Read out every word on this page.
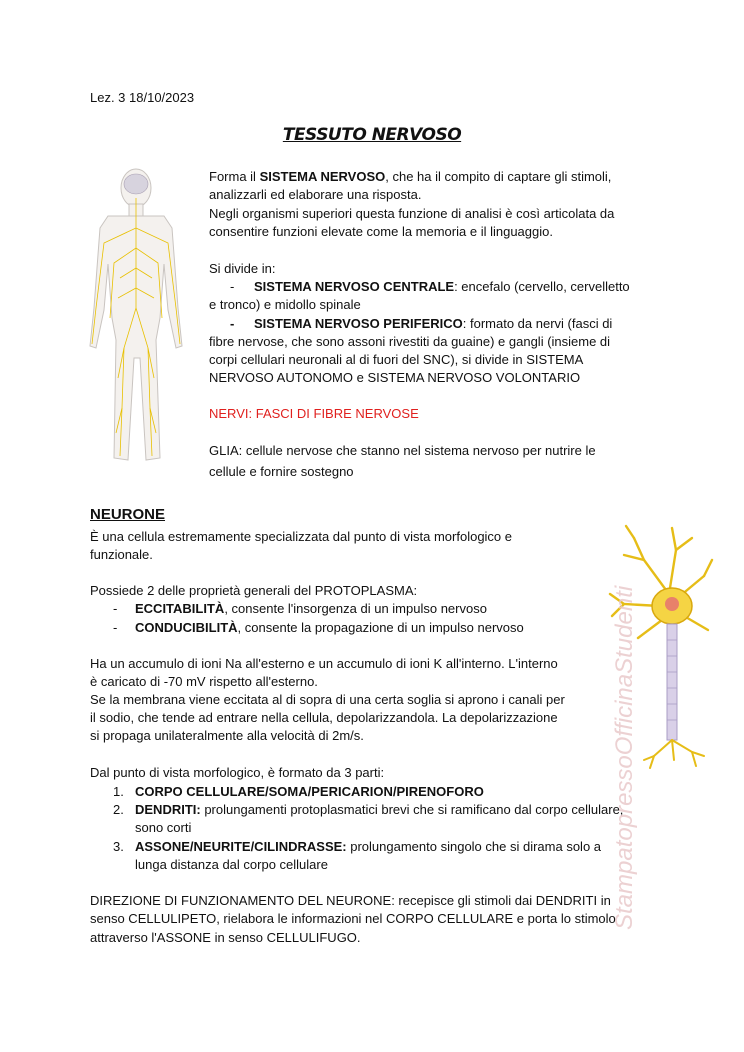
Lez. 3 18/10/2023
TESSUTO NERVOSO
Forma il SISTEMA NERVOSO, che ha il compito di captare gli stimoli,
analizzarli ed elaborare una risposta.
Negli organismi superiori questa funzione di analisi è così articolata da
consentire funzioni elevate come la memoria e il linguaggio.
Si divide in:
- SISTEMA NERVOSO CENTRALE: encefalo (cervello, cervelletto
e tronco) e midollo spinale
- SISTEMA NERVOSO PERIFERICO: formato da nervi (fasci di
fibre nervose, che sono assoni rivestiti da guaine) e gangli (insieme di
corpi cellulari neuronali al di fuori del SNC), si divide in SISTEMA
NERVOSO AUTONOMO e SISTEMA NERVOSO VOLONTARIO
NERVI: FASCI DI FIBRE NERVOSE
GLIA: cellule nervose che stanno nel sistema nervoso per nutrire le
cellule e fornire sostegno
NEURONE
È una cellula estremamente specializzata dal punto di vista morfologico e
funzionale.
Possiede 2 delle proprietà generali del PROTOPLASMA:
- ECCITABILITÀ, consente l'insorgenza di un impulso nervoso
- CONDUCIBILITÀ, consente la propagazione di un impulso nervoso
Ha un accumulo di ioni Na all'esterno e un accumulo di ioni K all'interno. L'interno
è caricato di -70 mV rispetto all'esterno.
Se la membrana viene eccitata al di sopra di una certa soglia si aprono i canali per
il sodio, che tende ad entrare nella cellula, depolarizzandola. La depolarizzazione
si propaga unilateralmente alla velocità di 2m/s.
Dal punto di vista morfologico, è formato da 3 parti:
1. CORPO CELLULARE/SOMA/PERICARION/PIRENOFORO
2. DENDRITI: prolungamenti protoplasmatici brevi che si ramificano dal corpo cellulare,
sono corti
3. ASSONE/NEURITE/CILINDRASSE: prolungamento singolo che si dirama solo a
lunga distanza dal corpo cellulare
DIREZIONE DI FUNZIONAMENTO DEL NEURONE: recepisce gli stimoli dai DENDRITI in
senso CELLULIPETO, rielabora le informazioni nel CORPO CELLULARE e porta lo stimolo
attraverso l'ASSONE in senso CELLULIFUGO.
StampatopressoOfficinaStudenti
